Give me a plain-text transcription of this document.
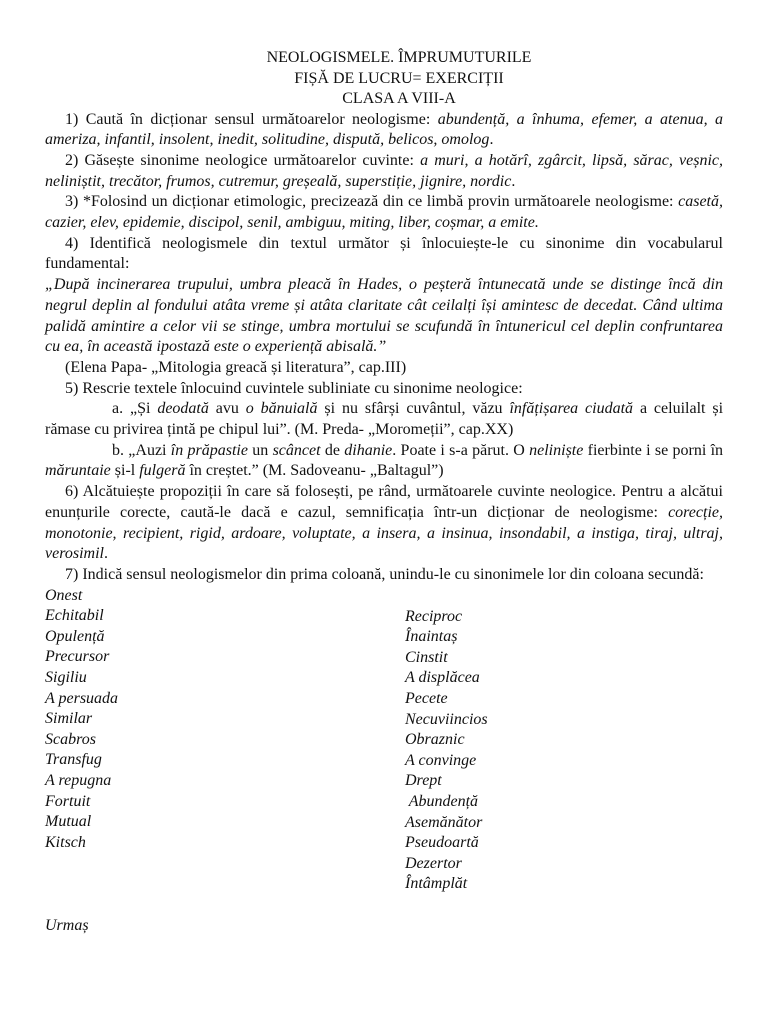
NEOLOGISMELE. ÎMPRUMUTURILE
FIȘĂ DE LUCRU= EXERCIȚII
CLASA A VIII-A
1) Caută în dicționar sensul următoarelor neologisme: abundență, a înhuma, efemer, a atenua, a ameriza, infantil, insolent, inedit, solitudine, dispută, belicos, omolog.
2) Găsește sinonime neologice următoarelor cuvinte: a muri, a hotărî, zgârcit, lipsă, sărac, veșnic, neliniștit, trecător, frumos, cutremur, greșeală, superstiție, jignire, nordic.
3) *Folosind un dicționar etimologic, precizează din ce limbă provin următoarele neologisme: casetă, cazier, elev, epidemie, discipol, senil, ambiguu, miting, liber, coșmar, a emite.
4) Identifică neologismele din textul următor și înlocuiește-le cu sinonime din vocabularul fundamental:
„După incinerarea trupului, umbra pleacă în Hades, o peșteră întunecată unde se distinge încă din negrul deplin al fondului atâta vreme și atâta claritate cât ceilalți își amintesc de decedat. Când ultima palidă amintire a celor vii se stinge, umbra mortului se scufundă în întunericul cel deplin confruntarea cu ea, în această ipostază este o experiență abisală.”
(Elena Papa- „Mitologia greacă și literatura”, cap.III)
5) Rescrie textele înlocuind cuvintele subliniate cu sinonime neologice:
a. „Și deodată avu o bănuială și nu sfârși cuvântul, văzu înfățișarea ciudată a celuilalt și rămase cu privirea țintă pe chipul lui”. (M. Preda- „Moromeții”, cap.XX)
b. „Auzi în prăpastie un scâncet de dihanie. Poate i s-a părut. O neliniște fierbinte i se porni în măruntaie și-l fulgeră în creștet.” (M. Sadoveanu- „Baltagul”)
6) Alcătuiește propoziții în care să folosești, pe rând, următoarele cuvinte neologice. Pentru a alcătui enunțurile corecte, caută-le dacă e cazul, semnificația într-un dicționar de neologisme: corecție, monotonie, recipient, rigid, ardoare, voluptate, a insera, a insinua, insondabil, a instiga, tiraj, ultraj, verosimil.
7) Indică sensul neologismelor din prima coloană, unindu-le cu sinonimele lor din coloana secundă:
Onest
Echitabil
Opulență
Precursor
Sigiliu
A persuada
Similar
Scabros
Transfug
A repugna
Fortuit
Mutual
Kitsch
Reciproc
Înaintaș
Cinstit
A displăcea
Pecete
Necuviincios
Obraznic
A convinge
Drept
Abundență
Asemănător
Pseudoartă
Dezertor
Întâmplăt
Urmaș
